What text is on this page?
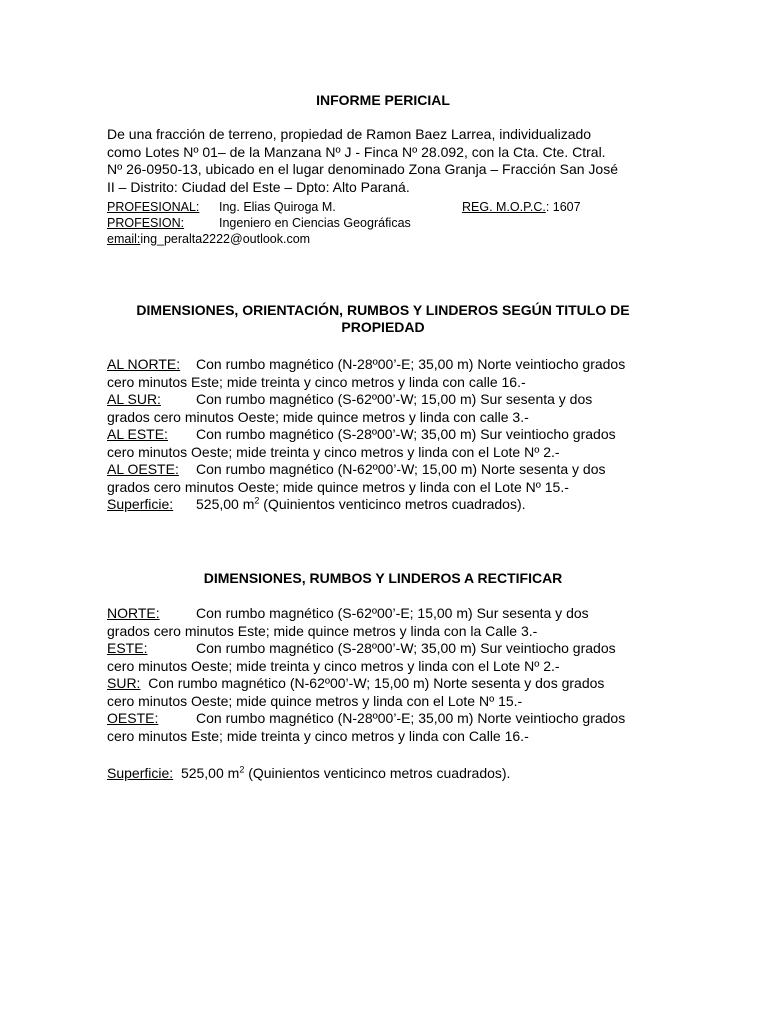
INFORME PERICIAL
De una fracción de terreno, propiedad de Ramon Baez Larrea, individualizado
como Lotes Nº 01– de la Manzana Nº J - Finca Nº 28.092, con la Cta. Cte. Ctral.
Nº 26-0950-13, ubicado en el lugar denominado Zona Granja – Fracción San José
II – Distrito: Ciudad del Este – Dpto: Alto Paraná.
PROFESIONAL: Ing. Elias Quiroga M.	REG. M.O.P.C.: 1607
PROFESION:	Ingeniero en Ciencias Geográficas
email:ing_peralta2222@outlook.com
DIMENSIONES, ORIENTACIÓN, RUMBOS Y LINDEROS SEGÚN TITULO DE
PROPIEDAD
AL NORTE: Con rumbo magnético (N-28º00’-E; 35,00 m) Norte veintiocho grados
cero minutos Este; mide treinta y cinco metros y linda con calle 16.-
AL SUR:	Con rumbo magnético (S-62º00’-W; 15,00 m) Sur sesenta y dos
grados cero minutos Oeste; mide quince metros y linda con calle 3.-
AL ESTE: Con rumbo magnético (S-28º00’-W; 35,00 m) Sur veintiocho grados
cero minutos Oeste; mide treinta y cinco metros y linda con el Lote Nº 2.-
AL OESTE: Con rumbo magnético (N-62º00’-W; 15,00 m) Norte sesenta y dos
grados cero minutos Oeste; mide quince metros y linda con el Lote Nº 15.-
Superficie: 525,00 $m^2$ (Quinientos venticinco metros cuadrados).
DIMENSIONES, RUMBOS Y LINDEROS A RECTIFICAR
NORTE:	Con rumbo magnético (S-62º00’-E; 15,00 m) Sur sesenta y dos
grados cero minutos Este; mide quince metros y linda con la Calle 3.-
ESTE:	Con rumbo magnético (S-28º00’-W; 35,00 m) Sur veintiocho grados
cero minutos Oeste; mide treinta y cinco metros y linda con el Lote Nº 2.-
SUR: Con rumbo magnético (N-62º00’-W; 15,00 m) Norte sesenta y dos grados
cero minutos Oeste; mide quince metros y linda con el Lote Nº 15.-
OESTE:	Con rumbo magnético (N-28º00’-E; 35,00 m) Norte veintiocho grados
cero minutos Este; mide treinta y cinco metros y linda con Calle 16.-
Superficie: 525,00 $m^2$ (Quinientos venticinco metros cuadrados).
